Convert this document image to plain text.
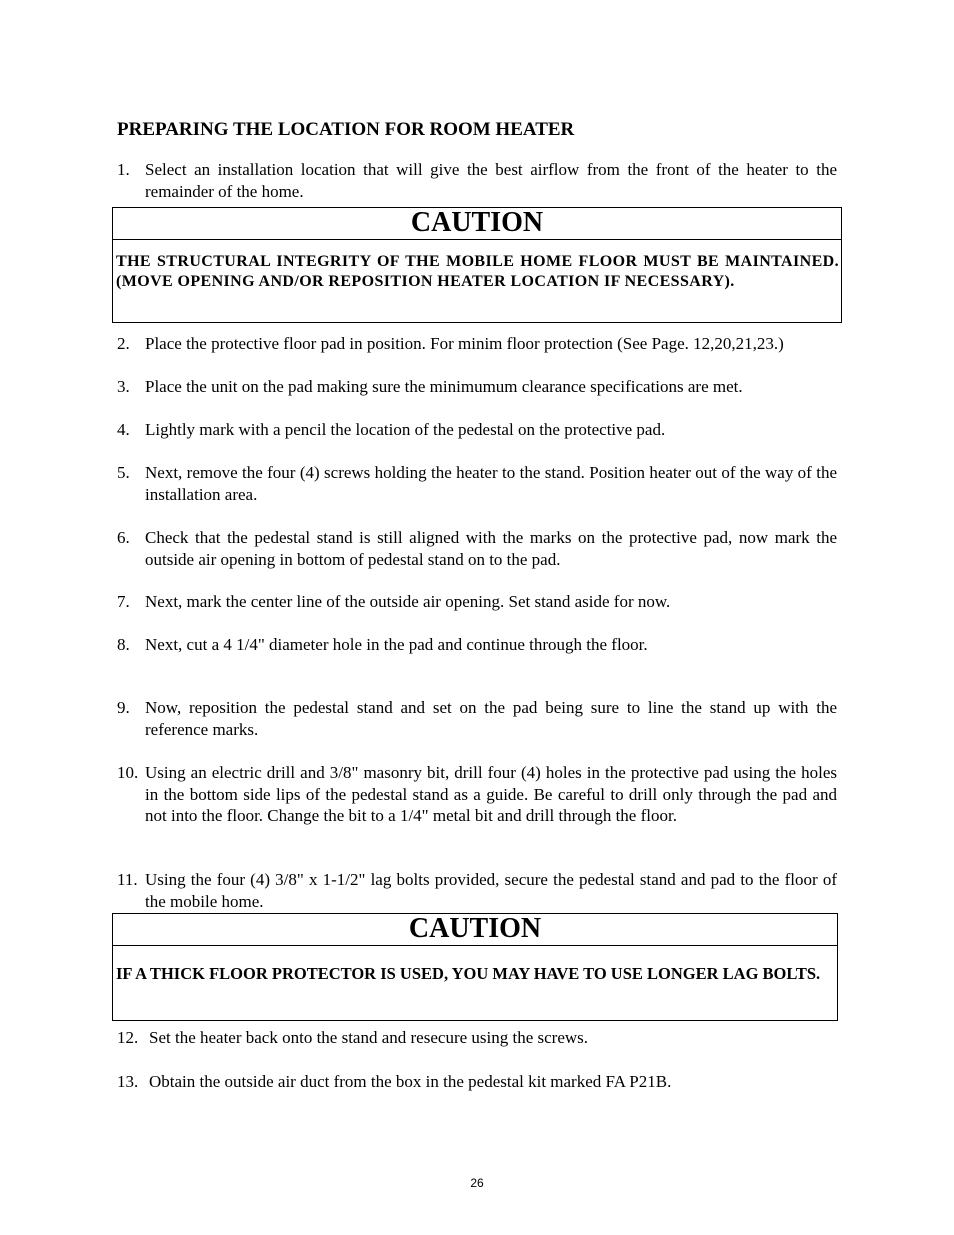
PREPARING THE LOCATION FOR ROOM HEATER
1. Select an installation location that will give the best airflow from the front of the heater to the remainder of the home.
CAUTION
THE STRUCTURAL INTEGRITY OF THE MOBILE HOME FLOOR MUST BE MAINTAINED. (MOVE OPENING AND/OR REPOSITION HEATER LOCATION IF NECESSARY).
2. Place the protective floor pad in position. For minim floor protection (See Page. 12,20,21,23.)
3. Place the unit on the pad making sure the minimumum clearance specifications are met.
4. Lightly mark with a pencil the location of the pedestal on the protective pad.
5. Next, remove the four (4) screws holding the heater to the stand. Position heater out of the way of the installation area.
6. Check that the pedestal stand is still aligned with the marks on the protective pad, now mark the outside air opening in bottom of pedestal stand on to the pad.
7. Next, mark the center line of the outside air opening. Set stand aside for now.
8. Next, cut a 4 1/4" diameter hole in the pad and continue through the floor.
9. Now, reposition the pedestal stand and set on the pad being sure to line the stand up with the reference marks.
10. Using an electric drill and 3/8" masonry bit, drill four (4) holes in the protective pad using the holes in the bottom side lips of the pedestal stand as a guide. Be careful to drill only through the pad and not into the floor. Change the bit to a 1/4" metal bit and drill through the floor.
11. Using the four (4) 3/8" x 1-1/2" lag bolts provided, secure the pedestal stand and pad to the floor of the mobile home.
CAUTION
IF A THICK FLOOR PROTECTOR IS USED, YOU MAY HAVE TO USE LONGER LAG BOLTS.
12. Set the heater back onto the stand and resecure using the screws.
13. Obtain the outside air duct from the box in the pedestal kit marked FA P21B.
26
